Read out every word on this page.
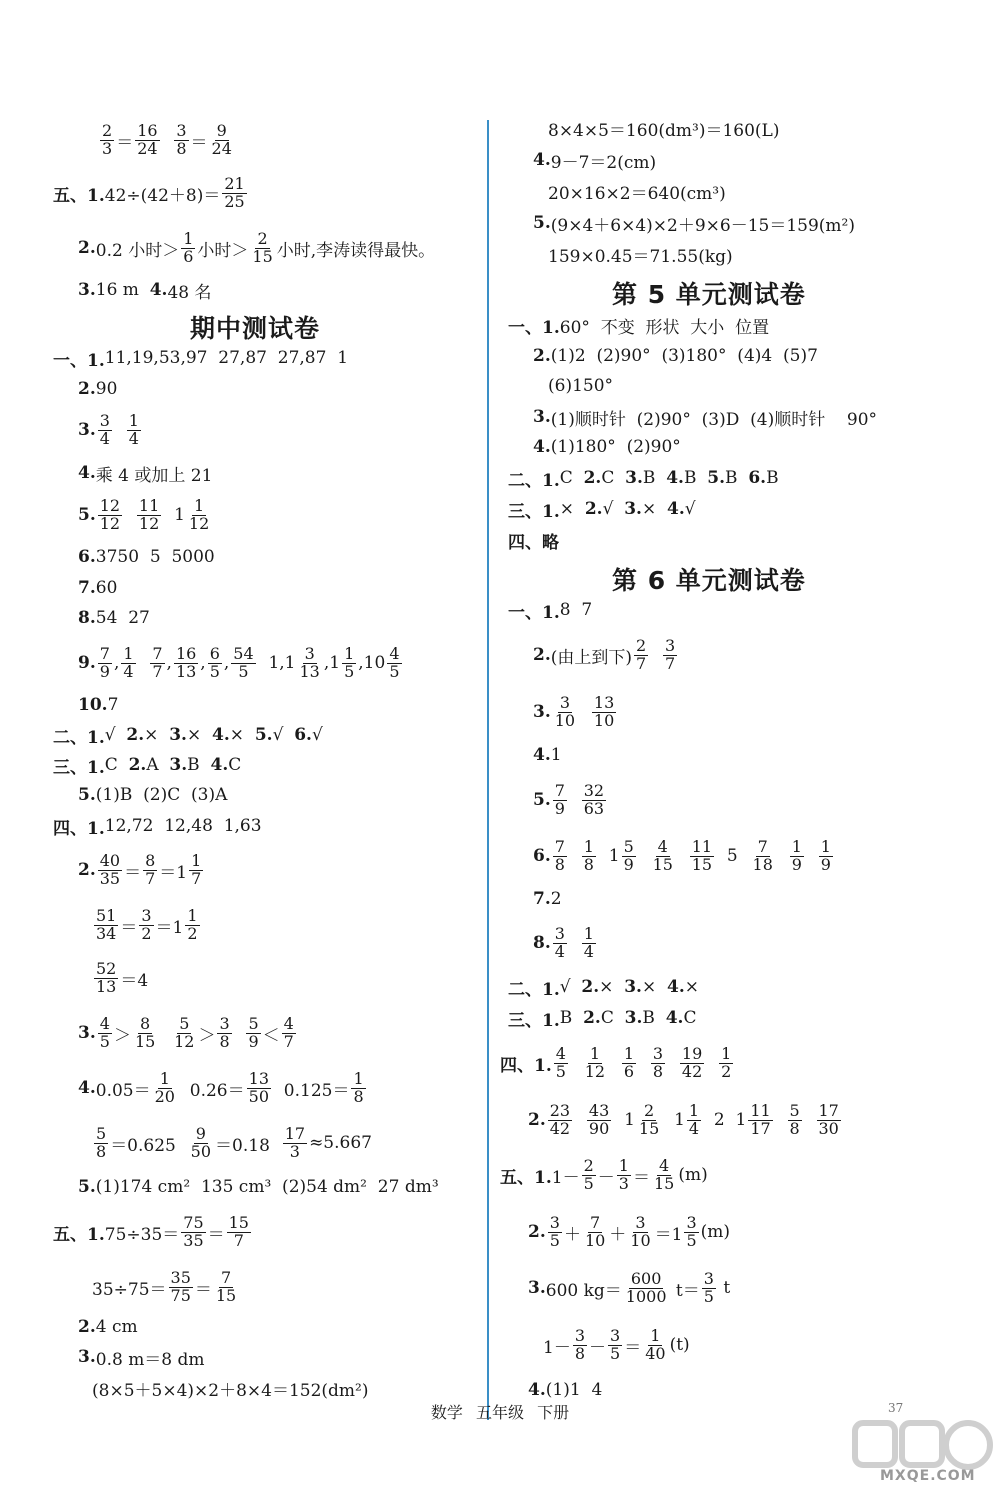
期中测试卷
第 5 单元测试卷
第 6 单元测试卷
$\frac{2}{3} = \frac{16}{24}$
$\frac{3}{8} = \frac{9}{24}$
五、1. $42\div(42+8)= \frac{21}{25}$
2. 0.2 小时＞ $\frac{1}{6}$ 小时＞ $\frac{2}{15}$ 小时,李涛读得最快。
3. 16 m 4. 48 名
一、1. 11,19,53,97  27,87  27,87  1
2. 90
3. $\frac{3}{4}$
$\frac{1}{4}$
4. 乘 4 或加上 21
5. $\frac{12}{12}$
$\frac{11}{12} 1 \frac{1}{12}$
6. 3750  5  5000
7. 60
8. 54  27
9. $\frac{7}{9}$ , $\frac{1}{4}$
$\frac{7}{7}$ , $\frac{16}{13}$ , $\frac{6}{5}$ , $\frac{54}{5} 1,1 \frac{3}{13} ,1 \frac{1}{5} ,10 \frac{4}{5}$
10. 7
二、1. √ 2. × 3. × 4. × 5. √ 6. √
三、1. C 2. A 3. B 4. C
5. (1)B  (2)C  (3)A
四、1. 12,72  12,48  1,63
2. $\frac{40}{35} = \frac{8}{7} =1 \frac{1}{7}$
$\frac{51}{34} = \frac{3}{2} =1 \frac{1}{2}$
$\frac{52}{13} =4$
3. $\frac{4}{5} > \frac{8}{15}$
$\frac{5}{12} > \frac{3}{8}$
$\frac{5}{9} < \frac{4}{7}$
4. $0.05= \frac{1}{20} 0.26= \frac{13}{50} 0.125= \frac{1}{8}$
$\frac{5}{8} =0.625 \frac{9}{50} =0.18 \frac{17}{3} \approx 5.667$
5. (1)174 cm²  135 cm³  (2)54 dm²  27 dm³
五、1. $75\div 35= \frac{75}{35} = \frac{15}{7}$
$35\div 75= \frac{35}{75} = \frac{7}{15}$
2. 4 cm
3. 0.8 m＝8 dm
(8×5＋5×4)×2＋8×4＝152(dm²)
8×4×5＝160(dm³)＝160(L)
4. 9－7＝2(cm)
20×16×2＝640(cm³)
5. (9×4＋6×4)×2＋9×6－15＝159(m²)
159×0.45＝71.55(kg)
一、1. 60°  不变  形状  大小  位置
2. (1)2  (2)90°  (3)180°  (4)4  (5)7
(6)150°
3. (1)顺时针  (2)90°  (3)D  (4)顺时针    90°
4. (1)180°  (2)90°
二、1. C 2. C 3. B 4. B 5. B 6. B
三、1. × 2. √ 3. × 4. √
四、略
一、1. 8  7
2. (由上到下) $\frac{2}{7}$
$\frac{3}{7}$
3. $\frac{3}{10}$
$\frac{13}{10}$
4. 1
5. $\frac{7}{9}$
$\frac{32}{63}$
6. $\frac{7}{8}$
$\frac{1}{8} 1 \frac{5}{9}$
$\frac{4}{15}$
$\frac{11}{15} 5 \frac{7}{18}$
$\frac{1}{9}$
$\frac{1}{9}$
7. 2
8. $\frac{3}{4}$
$\frac{1}{4}$
二、1. √ 2. × 3. × 4. ×
三、1. B 2. C 3. B 4. C
四、1. $\frac{4}{5}$
$\frac{1}{12}$
$\frac{1}{6}$
$\frac{3}{8}$
$\frac{19}{42}$
$\frac{1}{2}$
2. $\frac{23}{42}$
$\frac{43}{90} 1 \frac{2}{15} 1 \frac{1}{4} 2$  $1 \frac{11}{17}$
$\frac{5}{8}$
$\frac{17}{30}$
五、1. $1- \frac{2}{5} - \frac{1}{3} = \frac{4}{15} (m)$
2. $\frac{3}{5} + \frac{7}{10} + \frac{3}{10} =1 \frac{3}{5} (m)$
3. 600 $kg= \frac{600}{1000} t= \frac{3}{5}$ t
$1- \frac{3}{8} - \frac{3}{5} = \frac{1}{40} (t)$
4. (1)1  4
数学 五年级 下册	37
MXQE.COM
